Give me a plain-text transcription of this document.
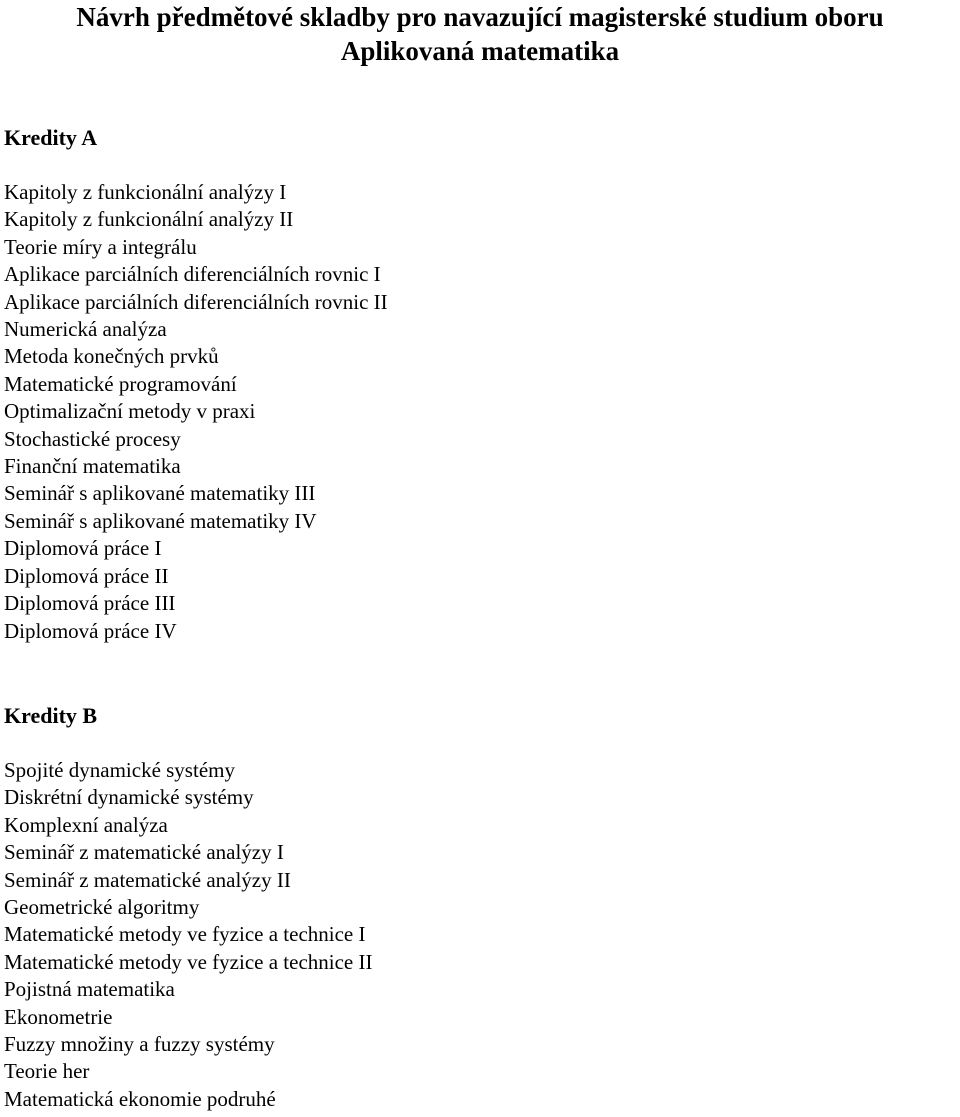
Návrh předmětové skladby pro navazující magisterské studium oboru
Aplikovaná matematika
Kredity A
Kapitoly z funkcionální analýzy I
Kapitoly z funkcionální analýzy II
Teorie míry a integrálu
Aplikace parciálních diferenciálních rovnic I
Aplikace parciálních diferenciálních rovnic II
Numerická analýza
Metoda konečných prvků
Matematické programování
Optimalizační metody v praxi
Stochastické procesy
Finanční matematika
Seminář s aplikované matematiky III
Seminář s aplikované matematiky IV
Diplomová práce I
Diplomová práce II
Diplomová práce III
Diplomová práce IV
Kredity B
Spojité dynamické systémy
Diskrétní dynamické systémy
Komplexní analýza
Seminář z matematické analýzy I
Seminář z matematické analýzy II
Geometrické algoritmy
Matematické metody ve fyzice a technice I
Matematické metody ve fyzice a technice II
Pojistná matematika
Ekonometrie
Fuzzy množiny a fuzzy systémy
Teorie her
Matematická ekonomie podruhé
